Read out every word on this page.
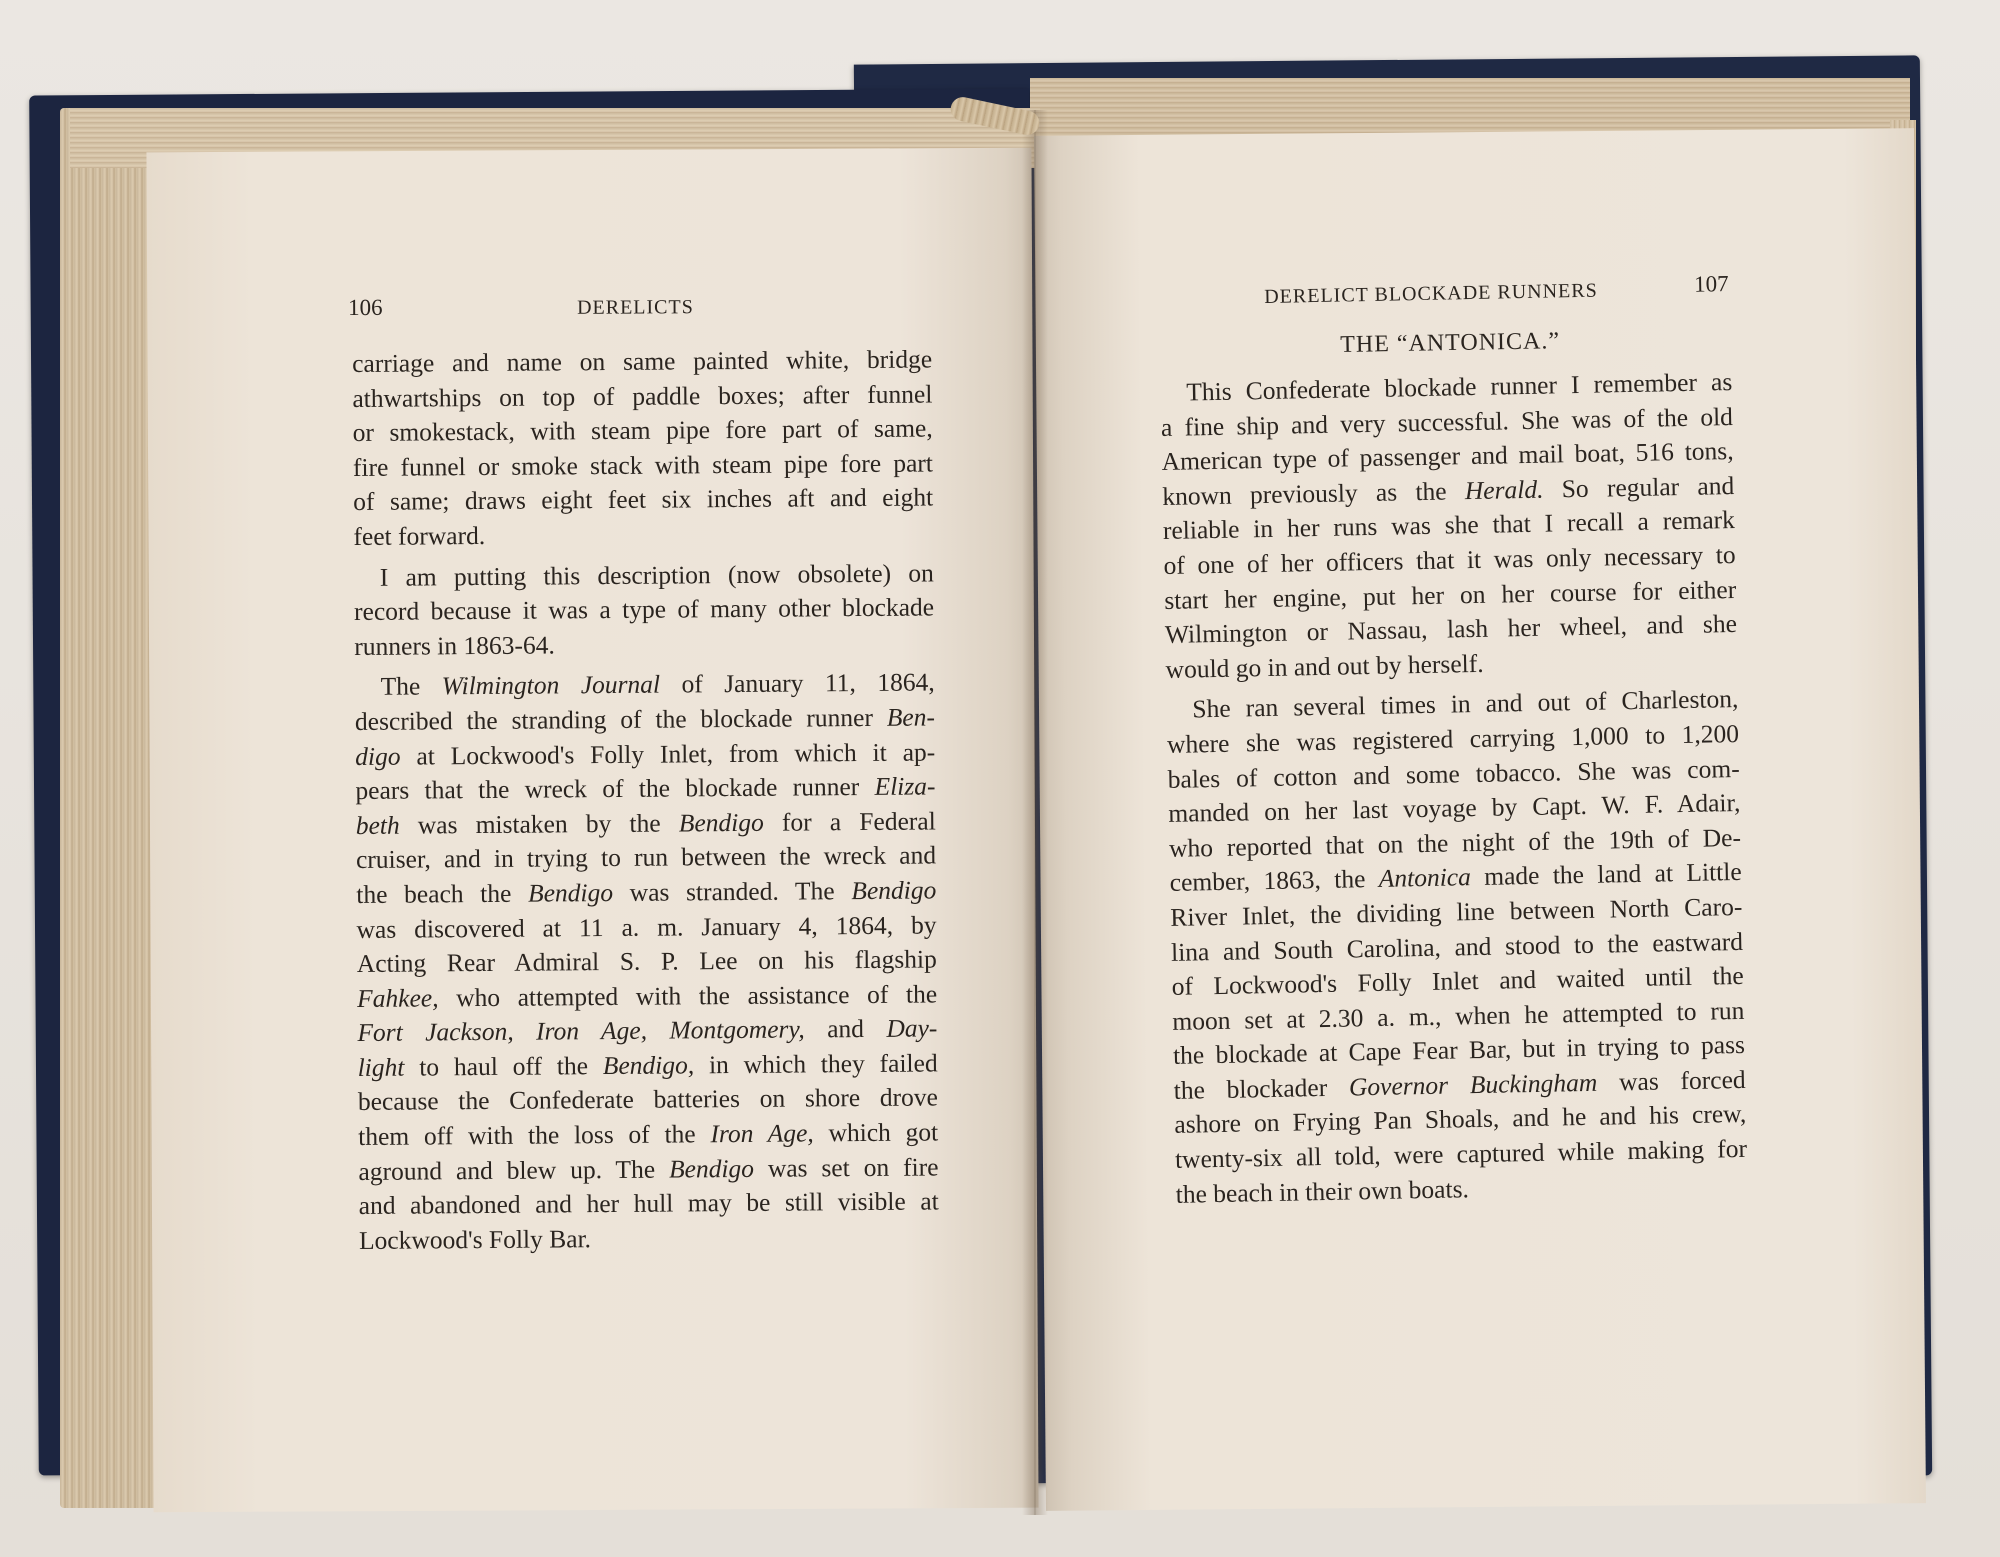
106	DERELICTS
carriage and name on same painted white, bridge
athwartships on top of paddle boxes; after funnel
or smokestack, with steam pipe fore part of same,
fire funnel or smoke stack with steam pipe fore part
of same; draws eight feet six inches aft and eight
feet forward.
I am putting this description (now obsolete) on
record because it was a type of many other blockade
runners in 1863-64.
The Wilmington Journal of January 11, 1864,
described the stranding of the blockade runner Ben-
digo at Lockwood's Folly Inlet, from which it ap-
pears that the wreck of the blockade runner Eliza-
beth was mistaken by the Bendigo for a Federal
cruiser, and in trying to run between the wreck and
the beach the Bendigo was stranded. The Bendigo
was discovered at 11 a. m. January 4, 1864, by
Acting Rear Admiral S. P. Lee on his flagship
Fahkee, who attempted with the assistance of the
Fort Jackson, Iron Age, Montgomery, and Day-
light to haul off the Bendigo, in which they failed
because the Confederate batteries on shore drove
them off with the loss of the Iron Age, which got
aground and blew up. The Bendigo was set on fire
and abandoned and her hull may be still visible at
Lockwood's Folly Bar.
DERELICT BLOCKADE RUNNERS	107
THE “ANTONICA.”
This Confederate blockade runner I remember as
a fine ship and very successful. She was of the old
American type of passenger and mail boat, 516 tons,
known previously as the Herald. So regular and
reliable in her runs was she that I recall a remark
of one of her officers that it was only necessary to
start her engine, put her on her course for either
Wilmington or Nassau, lash her wheel, and she
would go in and out by herself.
She ran several times in and out of Charleston,
where she was registered carrying 1,000 to 1,200
bales of cotton and some tobacco. She was com-
manded on her last voyage by Capt. W. F. Adair,
who reported that on the night of the 19th of De-
cember, 1863, the Antonica made the land at Little
River Inlet, the dividing line between North Caro-
lina and South Carolina, and stood to the eastward
of Lockwood's Folly Inlet and waited until the
moon set at 2.30 a. m., when he attempted to run
the blockade at Cape Fear Bar, but in trying to pass
the blockader Governor Buckingham was forced
ashore on Frying Pan Shoals, and he and his crew,
twenty-six all told, were captured while making for
the beach in their own boats.
